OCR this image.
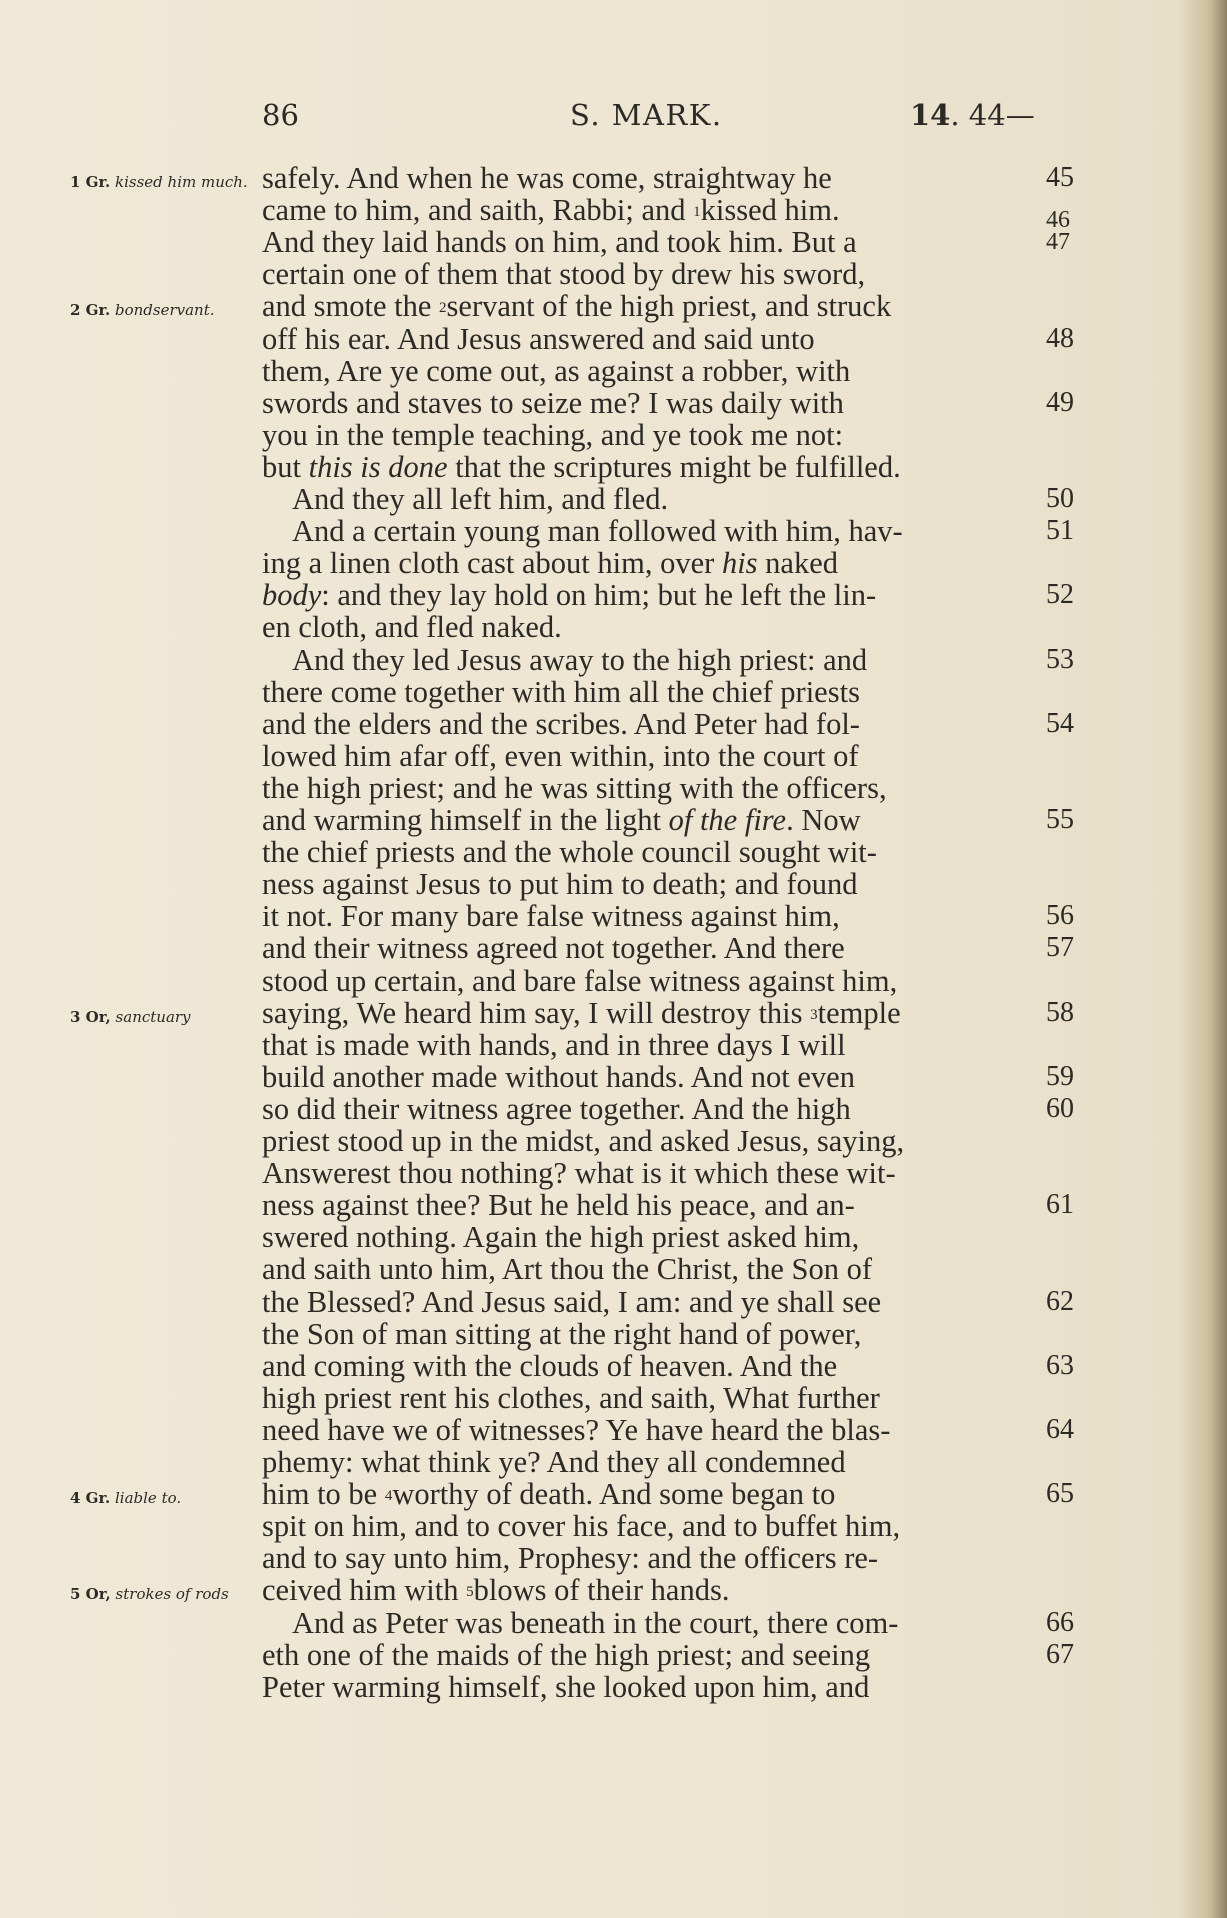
86	S. MARK.	14. 44—
1 Gr. kissed him much.
2 Gr. bondservant.
3 Or, sanctuary
4 Gr. liable to.
5 Or, strokes of rods
safely. And when he was come, straightway he
came to him, and saith, Rabbi; and $^1$kissed him.
And they laid hands on him, and took him. But a
certain one of them that stood by drew his sword,
and smote the $^2$servant of the high priest, and struck
off his ear. And Jesus answered and said unto
them, Are ye come out, as against a robber, with
swords and staves to seize me? I was daily with
you in the temple teaching, and ye took me not:
but this is done that the scriptures might be fulfilled.
And they all left him, and fled.
And a certain young man followed with him, hav-
ing a linen cloth cast about him, over his naked
body: and they lay hold on him; but he left the lin-
en cloth, and fled naked.
And they led Jesus away to the high priest: and
there come together with him all the chief priests
and the elders and the scribes. And Peter had fol-
lowed him afar off, even within, into the court of
the high priest; and he was sitting with the officers,
and warming himself in the light of the fire. Now
the chief priests and the whole council sought wit-
ness against Jesus to put him to death; and found
it not. For many bare false witness against him,
and their witness agreed not together. And there
stood up certain, and bare false witness against him,
saying, We heard him say, I will destroy this $^3$temple
that is made with hands, and in three days I will
build another made without hands. And not even
so did their witness agree together. And the high
priest stood up in the midst, and asked Jesus, saying,
Answerest thou nothing? what is it which these wit-
ness against thee? But he held his peace, and an-
swered nothing. Again the high priest asked him,
and saith unto him, Art thou the Christ, the Son of
the Blessed? And Jesus said, I am: and ye shall see
the Son of man sitting at the right hand of power,
and coming with the clouds of heaven. And the
high priest rent his clothes, and saith, What further
need have we of witnesses? Ye have heard the blas-
phemy: what think ye? And they all condemned
him to be $^4$worthy of death. And some began to
spit on him, and to cover his face, and to buffet him,
and to say unto him, Prophesy: and the officers re-
ceived him with $^5$blows of their hands.
And as Peter was beneath in the court, there com-
eth one of the maids of the high priest; and seeing
Peter warming himself, she looked upon him, and
45
46
47
48
49
50
51
52
53
54
55
56
57
58
59
60
61
62
63
64
65
66
67
